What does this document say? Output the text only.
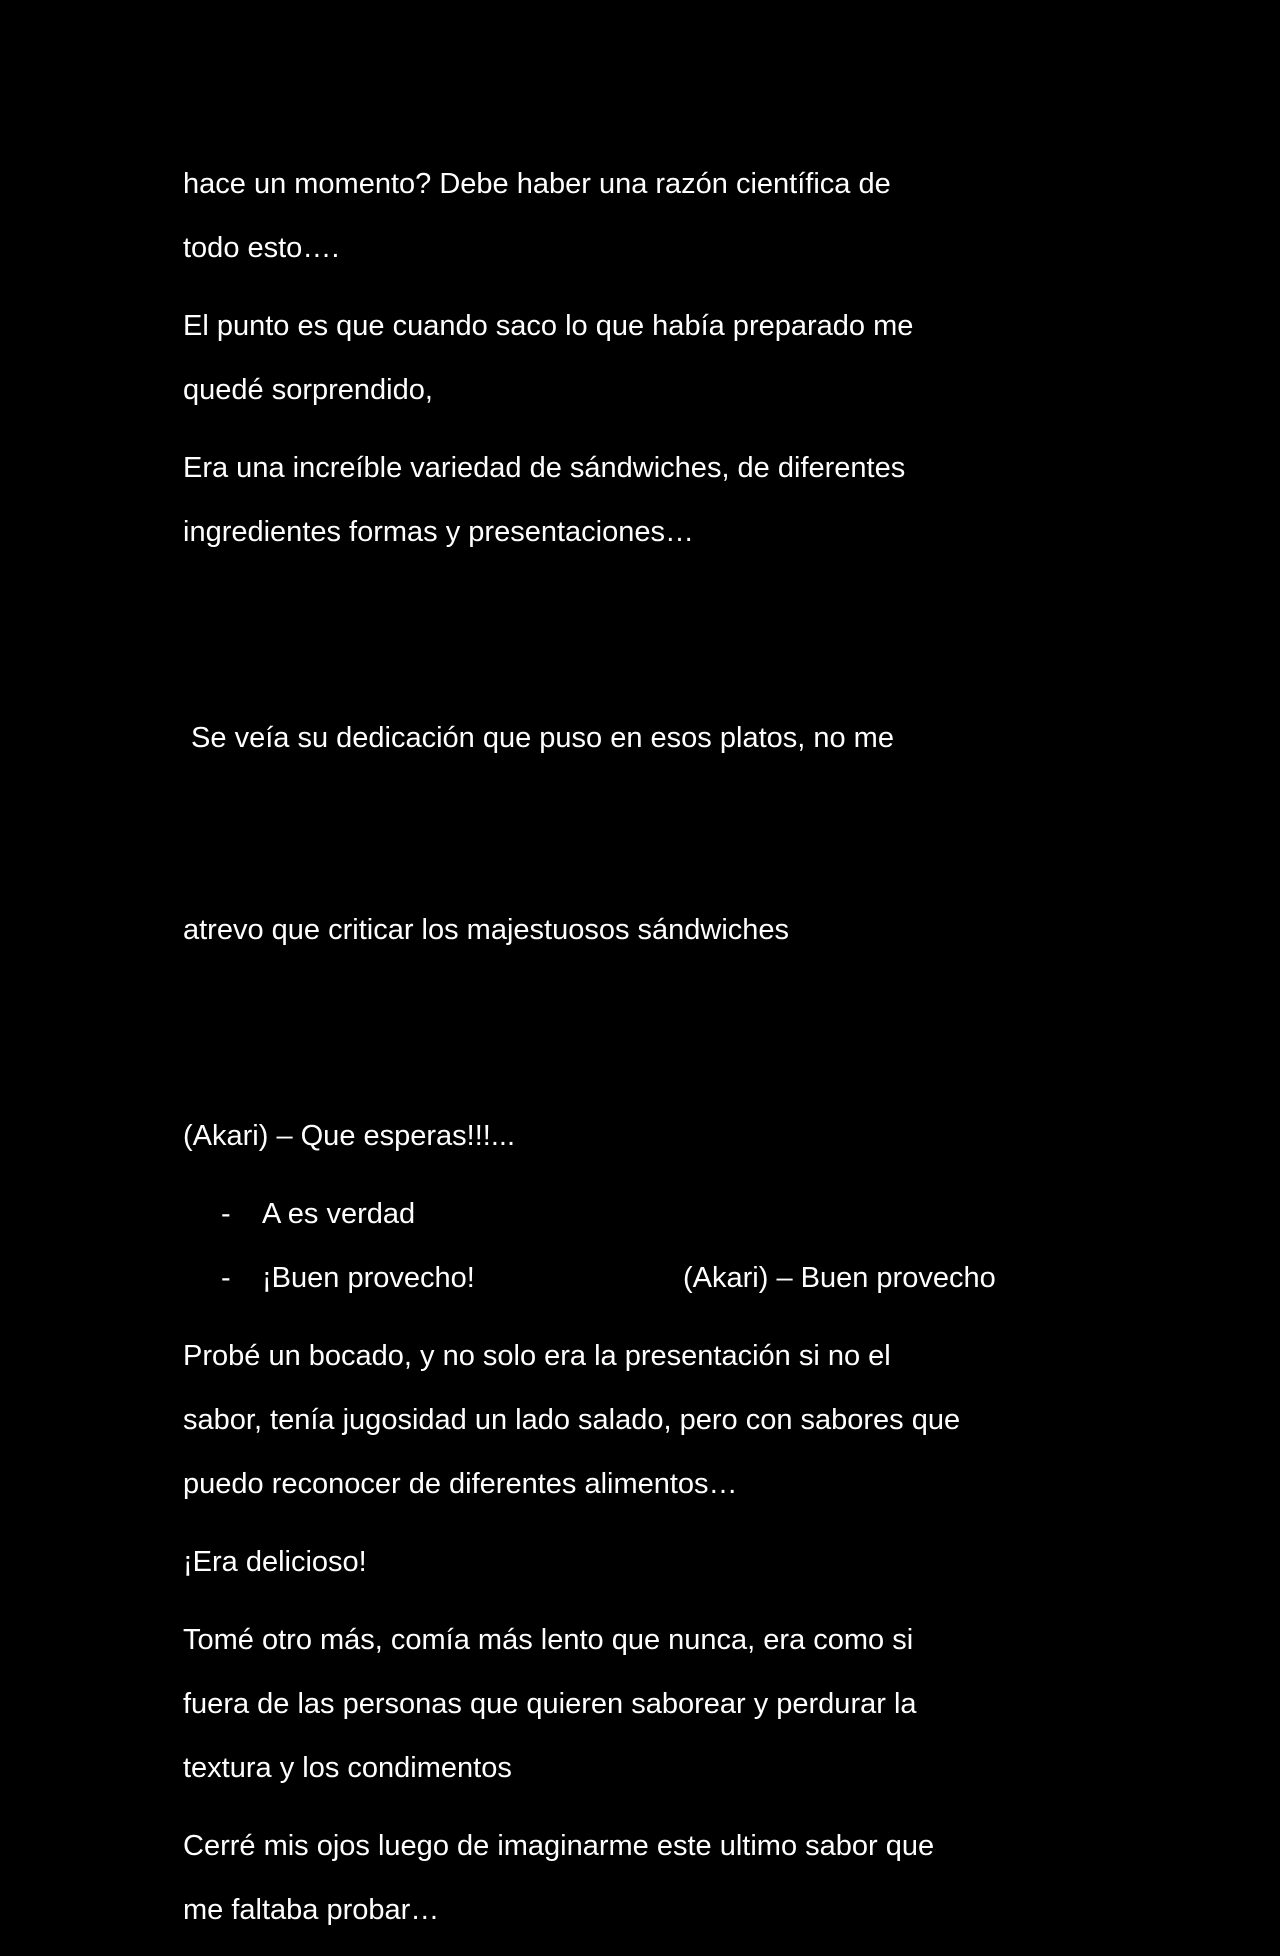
hace un momento? Debe haber una razón científica de
todo esto….

El punto es que cuando saco lo que había preparado me
quedé sorprendido,

Era una increíble variedad de sándwiches, de diferentes
ingredientes formas y presentaciones…

Se veía su dedicación que puso en esos platos, no me

atrevo que criticar los majestuosos sándwiches

(Akari) – Que esperas!!!...

- A es verdad
- ¡Buen provecho!	(Akari) – Buen provecho

Probé un bocado, y no solo era la presentación si no el
sabor, tenía jugosidad un lado salado, pero con sabores que
puedo reconocer de diferentes alimentos…

¡Era delicioso!

Tomé otro más, comía más lento que nunca, era como si
fuera de las personas que quieren saborear y perdurar la
textura y los condimentos

Cerré mis ojos luego de imaginarme este ultimo sabor que
me faltaba probar…
